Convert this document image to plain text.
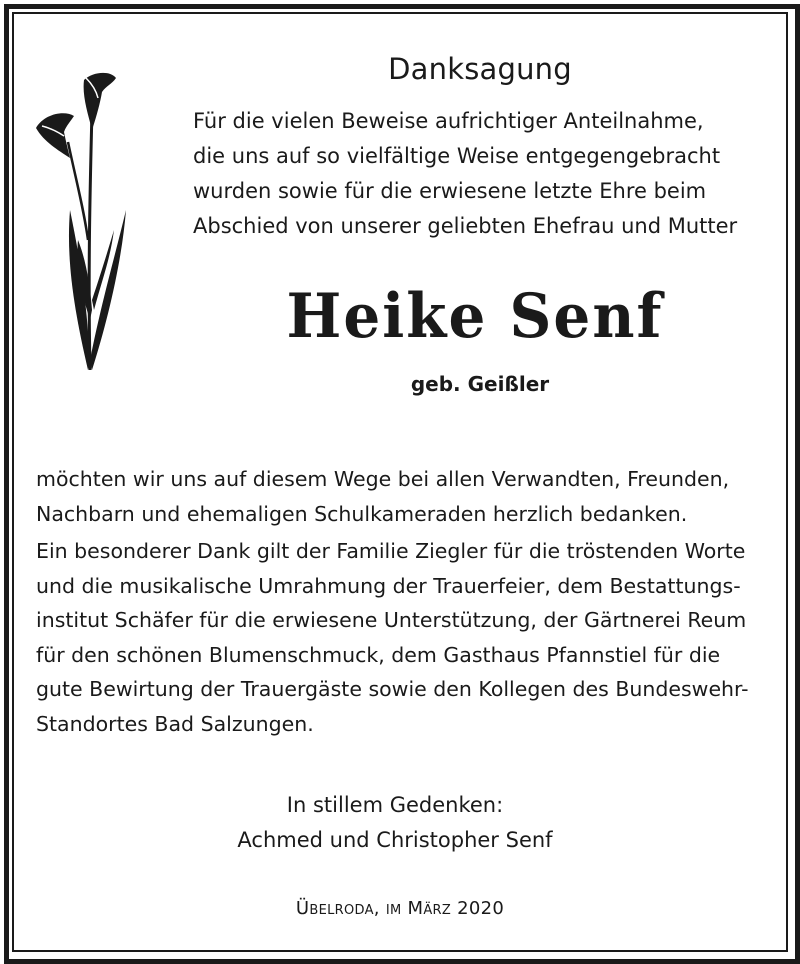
Danksagung
Für die vielen Beweise aufrichtiger Anteilnahme,
die uns auf so vielfältige Weise entgegengebracht
wurden sowie für die erwiesene letzte Ehre beim
Abschied von unserer geliebten Ehefrau und Mutter
Heike Senf
geb. Geißler
möchten wir uns auf diesem Wege bei allen Verwandten, Freunden,
Nachbarn und ehemaligen Schulkameraden herzlich bedanken.
Ein besonderer Dank gilt der Familie Ziegler für die tröstenden Worte
und die musikalische Umrahmung der Trauerfeier, dem Bestattungs-
institut Schäfer für die erwiesene Unterstützung, der Gärtnerei Reum
für den schönen Blumenschmuck, dem Gasthaus Pfannstiel für die
gute Bewirtung der Trauergäste sowie den Kollegen des Bundeswehr-
Standortes Bad Salzungen.
In stillem Gedenken:
Achmed und Christopher Senf
Übelroda, im März 2020
